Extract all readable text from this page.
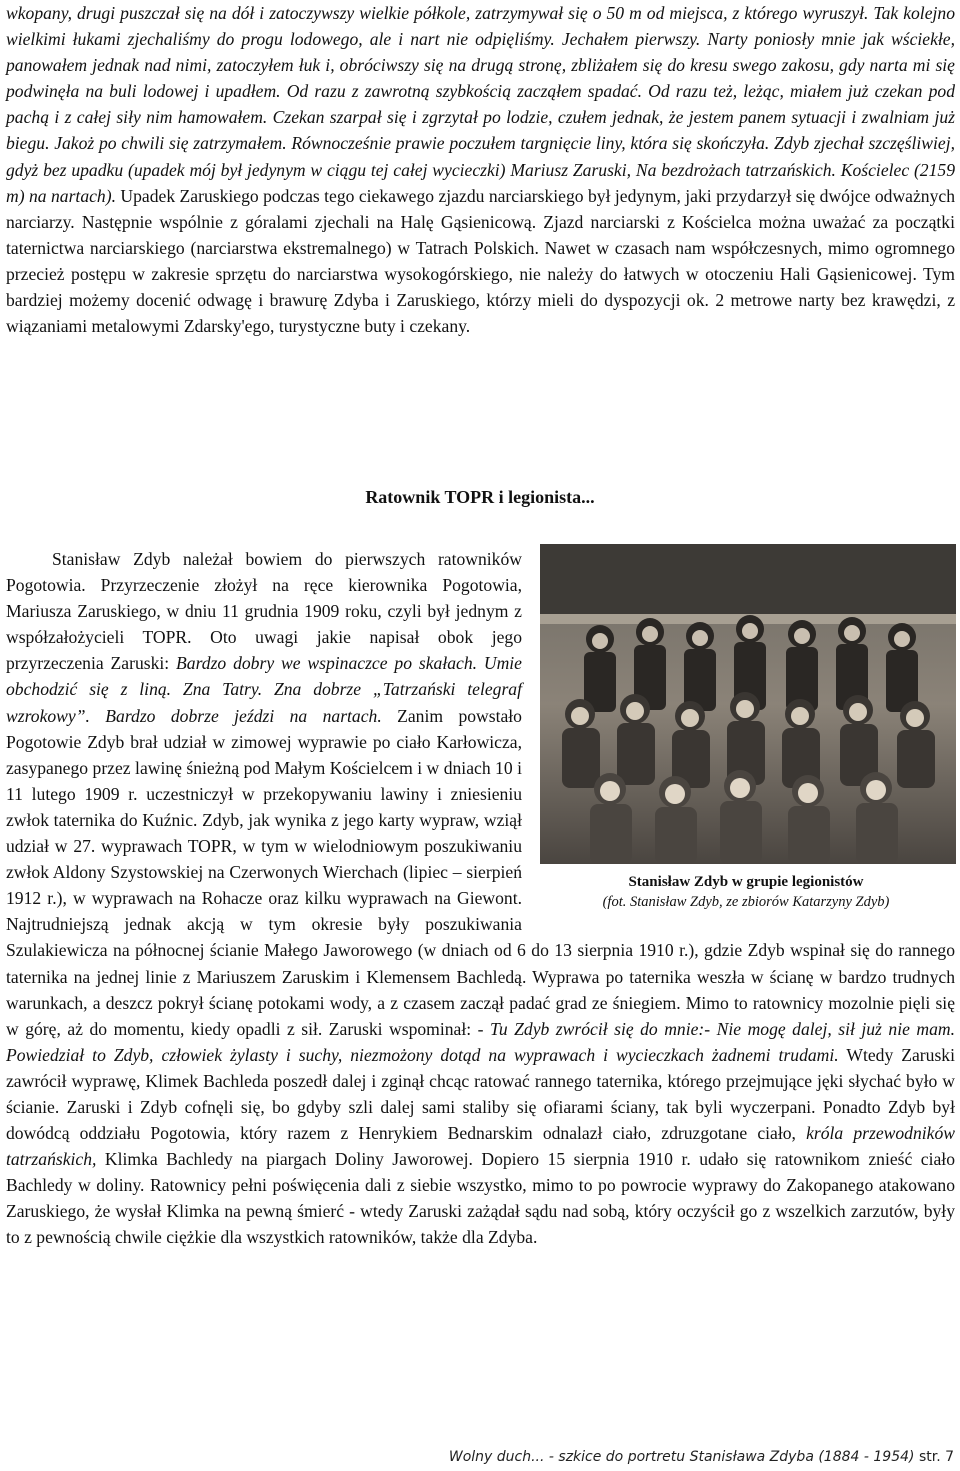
wkopany, drugi puszczał się na dół i zatoczywszy wielkie półkole, zatrzymywał się o 50 m od miejsca, z którego wyruszył. Tak kolejno wielkimi łukami zjechaliśmy do progu lodowego, ale i nart nie odpięliśmy. Jechałem pierwszy. Narty poniosły mnie jak wściekłe, panowałem jednak nad nimi, zatoczyłem łuk i, obróciwszy się na drugą stronę, zbliżałem się do kresu swego zakosu, gdy narta mi się podwinęła na buli lodowej i upadłem. Od razu z zawrotną szybkością zacząłem spadać. Od razu też, leżąc, miałem już czekan pod pachą i z całej siły nim hamowałem. Czekan szarpał się i zgrzytał po lodzie, czułem jednak, że jestem panem sytuacji i zwalniam już biegu. Jakoż po chwili się zatrzymałem. Równocześnie prawie poczułem targnięcie liny, która się skończyła. Zdyb zjechał szczęśliwiej, gdyż bez upadku (upadek mój był jedynym w ciągu tej całej wycieczki) Mariusz Zaruski, Na bezdrożach tatrzańskich. Kościelec (2159 m) na nartach). Upadek Zaruskiego podczas tego ciekawego zjazdu narciarskiego był jedynym, jaki przydarzył się dwójce odważnych narciarzy. Następnie wspólnie z góralami zjechali na Halę Gąsienicową. Zjazd narciarski z Kościelca można uważać za początki taternictwa narciarskiego (narciarstwa ekstremalnego) w Tatrach Polskich. Nawet w czasach nam współczesnych, mimo ogromnego przecież postępu w zakresie sprzętu do narciarstwa wysokogórskiego, nie należy do łatwych w otoczeniu Hali Gąsienicowej. Tym bardziej możemy docenić odwagę i brawurę Zdyba i Zaruskiego, którzy mieli do dyspozycji ok. 2 metrowe narty bez krawędzi, z wiązaniami metalowymi Zdarsky'ego, turystyczne buty i czekany.

Ratownik TOPR i legionista...
Stanisław Zdyb w grupie legionistów
(fot. Stanisław Zdyb, ze zbiorów Katarzyny Zdyb)

Stanisław Zdyb należał bowiem do pierwszych ratowników Pogotowia. Przyrzeczenie złożył na ręce kierownika Pogotowia, Mariusza Zaruskiego, w dniu 11 grudnia 1909 roku, czyli był jednym z współzałożycieli TOPR. Oto uwagi jakie napisał obok jego przyrzeczenia Zaruski: Bardzo dobry we wspinaczce po skałach. Umie obchodzić się z liną. Zna Tatry. Zna dobrze „Tatrzański telegraf wzrokowy”. Bardzo dobrze jeździ na nartach. Zanim powstało Pogotowie Zdyb brał udział w zimowej wyprawie po ciało Karłowicza, zasypanego przez lawinę śnieżną pod Małym Kościelcem i w dniach 10 i 11 lutego 1909 r. uczestniczył w przekopywaniu lawiny i zniesieniu zwłok taternika do Kuźnic. Zdyb, jak wynika z jego karty wypraw, wziął udział w 27. wyprawach TOPR, w tym w wielodniowym poszukiwaniu zwłok Aldony Szystowskiej na Czerwonych Wierchach (lipiec – sierpień 1912 r.), w wyprawach na Rohacze oraz kilku wyprawach na Giewont. Najtrudniejszą jednak akcją w tym okresie były poszukiwania Szulakiewicza na północnej ścianie Małego Jaworowego (w dniach od 6 do 13 sierpnia 1910 r.), gdzie Zdyb wspinał się do rannego taternika na jednej linie z Mariuszem Zaruskim i Klemensem Bachledą. Wyprawa po taternika weszła w ścianę w bardzo trudnych warunkach, a deszcz pokrył ścianę potokami wody, a z czasem zaczął padać grad ze śniegiem. Mimo to ratownicy mozolnie pięli się w górę, aż do momentu, kiedy opadli z sił. Zaruski wspominał: - Tu Zdyb zwrócił się do mnie:- Nie mogę dalej, sił już nie mam. Powiedział to Zdyb, człowiek żylasty i suchy, niezmożony dotąd na wyprawach i wycieczkach żadnemi trudami. Wtedy Zaruski zawrócił wyprawę, Klimek Bachleda poszedł dalej i zginął chcąc ratować rannego taternika, którego przejmujące jęki słychać było w ścianie. Zaruski i Zdyb cofnęli się, bo gdyby szli dalej sami staliby się ofiarami ściany, tak byli wyczerpani. Ponadto Zdyb był dowódcą oddziału Pogotowia, który razem z Henrykiem Bednarskim odnalazł ciało, zdruzgotane ciało, króla przewodników tatrzańskich, Klimka Bachledy na piargach Doliny Jaworowej. Dopiero 15 sierpnia 1910 r. udało się ratownikom znieść ciało Bachledy w doliny. Ratownicy pełni poświęcenia dali z siebie wszystko, mimo to po powrocie wyprawy do Zakopanego atakowano Zaruskiego, że wysłał Klimka na pewną śmierć - wtedy Zaruski zażądał sądu nad sobą, który oczyścił go z wszelkich zarzutów, były to z pewnością chwile ciężkie dla wszystkich ratowników, także dla Zdyba.

Wolny duch... - szkice do portretu Stanisława Zdyba (1884 - 1954) str. 7
